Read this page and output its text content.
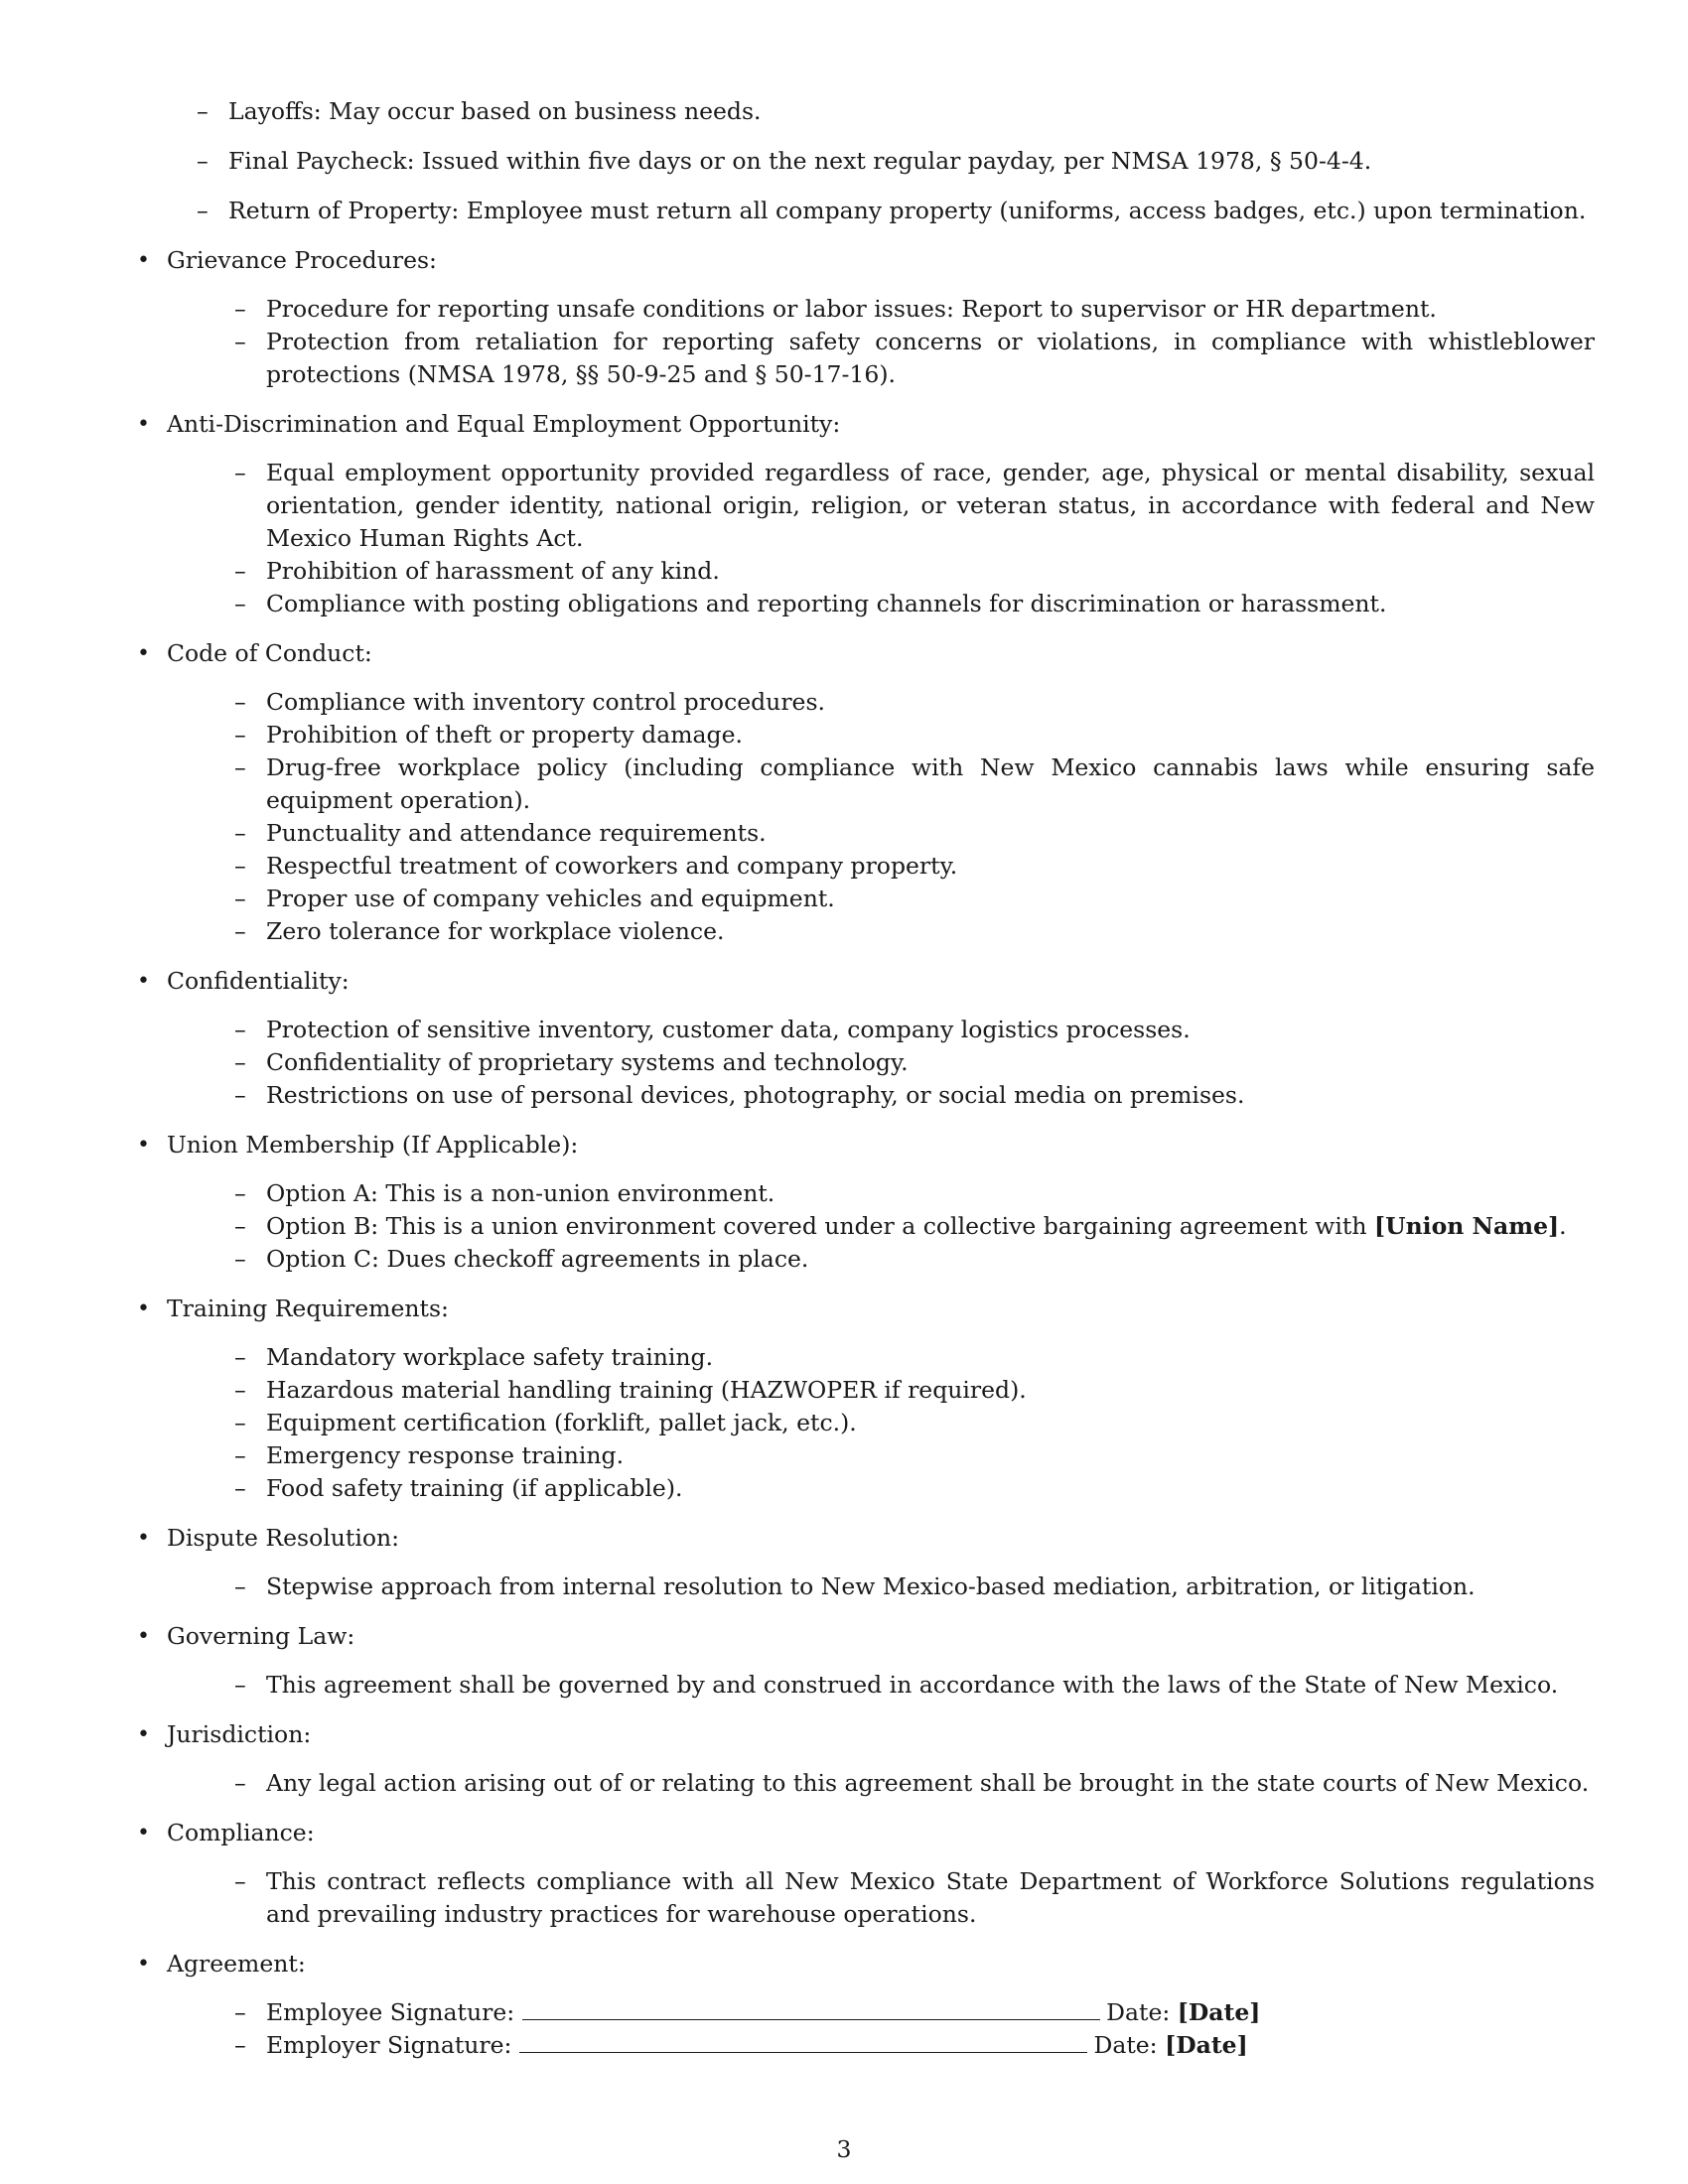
– Layoffs: May occur based on business needs.
– Final Paycheck: Issued within five days or on the next regular payday, per NMSA 1978, § 50-4-4.
– Return of Property: Employee must return all company property (uniforms, access badges, etc.) upon termination.
• Grievance Procedures:
– Procedure for reporting unsafe conditions or labor issues: Report to supervisor or HR department.
– Protection from retaliation for reporting safety concerns or violations, in compliance with whistleblower protections (NMSA 1978, §§ 50-9-25 and § 50-17-16).
• Anti-Discrimination and Equal Employment Opportunity:
– Equal employment opportunity provided regardless of race, gender, age, physical or mental disability, sexual orientation, gender identity, national origin, religion, or veteran status, in accordance with federal and New Mexico Human Rights Act.
– Prohibition of harassment of any kind.
– Compliance with posting obligations and reporting channels for discrimination or harassment.
• Code of Conduct:
– Compliance with inventory control procedures.
– Prohibition of theft or property damage.
– Drug-free workplace policy (including compliance with New Mexico cannabis laws while ensuring safe equipment operation).
– Punctuality and attendance requirements.
– Respectful treatment of coworkers and company property.
– Proper use of company vehicles and equipment.
– Zero tolerance for workplace violence.
• Confidentiality:
– Protection of sensitive inventory, customer data, company logistics processes.
– Confidentiality of proprietary systems and technology.
– Restrictions on use of personal devices, photography, or social media on premises.
• Union Membership (If Applicable):
– Option A: This is a non-union environment.
– Option B: This is a union environment covered under a collective bargaining agreement with [Union Name].
– Option C: Dues checkoff agreements in place.
• Training Requirements:
– Mandatory workplace safety training.
– Hazardous material handling training (HAZWOPER if required).
– Equipment certification (forklift, pallet jack, etc.).
– Emergency response training.
– Food safety training (if applicable).
• Dispute Resolution:
– Stepwise approach from internal resolution to New Mexico-based mediation, arbitration, or litigation.
• Governing Law:
– This agreement shall be governed by and construed in accordance with the laws of the State of New Mexico.
• Jurisdiction:
– Any legal action arising out of or relating to this agreement shall be brought in the state courts of New Mexico.
• Compliance:
– This contract reflects compliance with all New Mexico State Department of Workforce Solutions regulations and prevailing industry practices for warehouse operations.
• Agreement:
– Employee Signature:	Date: [Date]
– Employer Signature:	Date: [Date]
3
